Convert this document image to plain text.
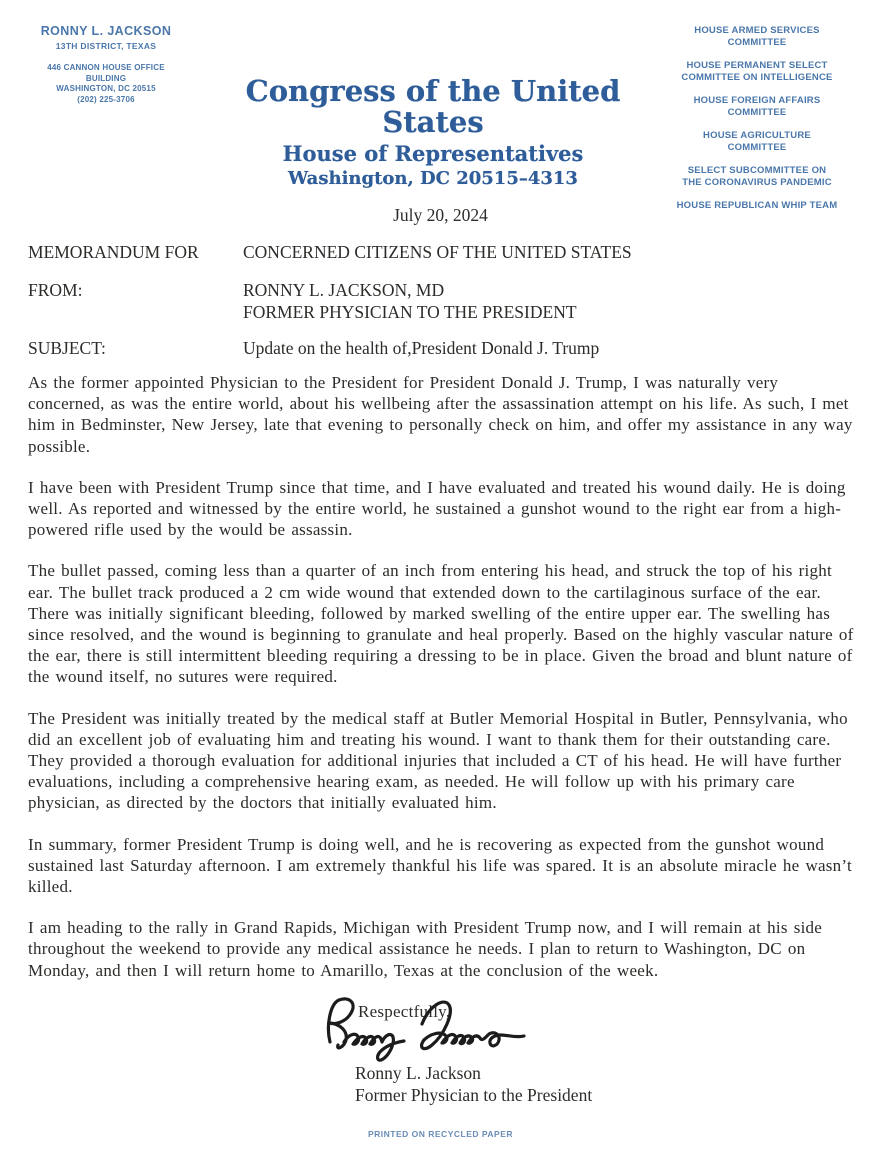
RONNY L. JACKSON
13TH DISTRICT, TEXAS
446 CANNON HOUSE OFFICE BUILDING
WASHINGTON, DC 20515
(202) 225-3706	Congress of the United States
House of Representatives
Washington, DC 20515–4313
HOUSE ARMED SERVICES
COMMITTEE
HOUSE PERMANENT SELECT
COMMITTEE ON INTELLIGENCE
HOUSE FOREIGN AFFAIRS
COMMITTEE
HOUSE AGRICULTURE
COMMITTEE
SELECT SUBCOMMITTEE ON
THE CORONAVIRUS PANDEMIC
HOUSE REPUBLICAN WHIP TEAM
July 20, 2024
MEMORANDUM FOR	CONCERNED CITIZENS OF THE UNITED STATES
FROM:	RONNY L. JACKSON, MD
FORMER PHYSICIAN TO THE PRESIDENT
SUBJECT:	Update on the health of,President Donald J. Trump

As the former appointed Physician to the President for President Donald J. Trump, I was naturally very concerned, as was the entire world, about his wellbeing after the assassination attempt on his life. As such, I met him in Bedminster, New Jersey, late that evening to personally check on him, and offer my assistance in any way possible.

I have been with President Trump since that time, and I have evaluated and treated his wound daily. He is doing well. As reported and witnessed by the entire world, he sustained a gunshot wound to the right ear from a high-powered rifle used by the would be assassin.

The bullet passed, coming less than a quarter of an inch from entering his head, and struck the top of his right ear. The bullet track produced a 2 cm wide wound that extended down to the cartilaginous surface of the ear. There was initially significant bleeding, followed by marked swelling of the entire upper ear. The swelling has since resolved, and the wound is beginning to granulate and heal properly. Based on the highly vascular nature of the ear, there is still intermittent bleeding requiring a dressing to be in place. Given the broad and blunt nature of the wound itself, no sutures were required.

The President was initially treated by the medical staff at Butler Memorial Hospital in Butler, Pennsylvania, who did an excellent job of evaluating him and treating his wound. I want to thank them for their outstanding care. They provided a thorough evaluation for additional injuries that included a CT of his head. He will have further evaluations, including a comprehensive hearing exam, as needed. He will follow up with his primary care physician, as directed by the doctors that initially evaluated him.

In summary, former President Trump is doing well, and he is recovering as expected from the gunshot wound sustained last Saturday afternoon. I am extremely thankful his life was spared. It is an absolute miracle he wasn’t killed.

I am heading to the rally in Grand Rapids, Michigan with President Trump now, and I will remain at his side throughout the weekend to provide any medical assistance he needs. I plan to return to Washington, DC on Monday, and then I will return home to Amarillo, Texas at the conclusion of the week.

Respectfully,
Ronny L. Jackson
Former Physician to the President
PRINTED ON RECYCLED PAPER
